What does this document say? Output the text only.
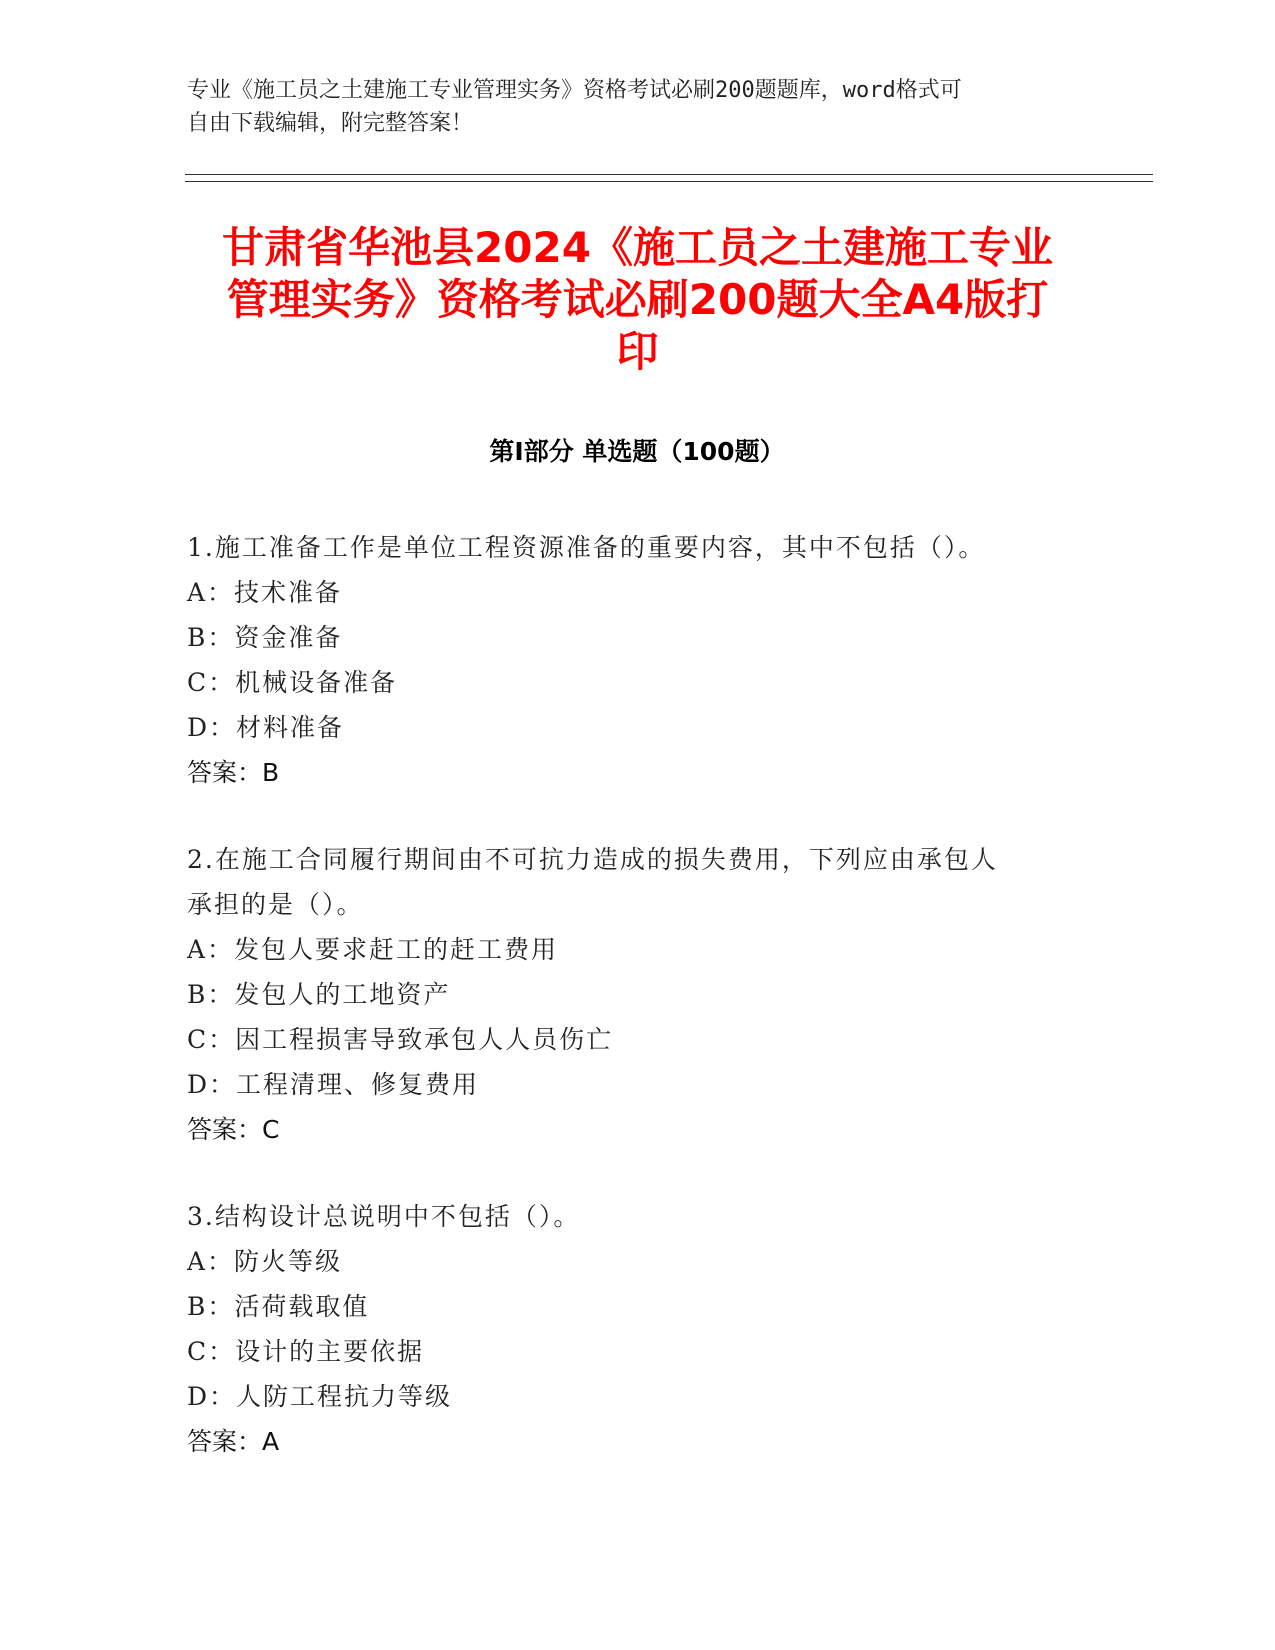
专业《施工员之土建施工专业管理实务》资格考试必刷200题题库，word格式可

自由下载编辑，附完整答案！

甘肃省华池县2024《施工员之土建施工专业
管理实务》资格考试必刷200题大全A4版打
印
第I部分 单选题（100题）

1.施工准备工作是单位工程资源准备的重要内容，其中不包括（）。

A：技术准备

B：资金准备

C：机械设备准备

D：材料准备

答案：B

2.在施工合同履行期间由不可抗力造成的损失费用，下列应由承包人

承担的是（）。

A：发包人要求赶工的赶工费用

B：发包人的工地资产

C：因工程损害导致承包人人员伤亡

D：工程清理、修复费用

答案：C

3.结构设计总说明中不包括（）。

A：防火等级

B：活荷载取值

C：设计的主要依据

D：人防工程抗力等级

答案：A
